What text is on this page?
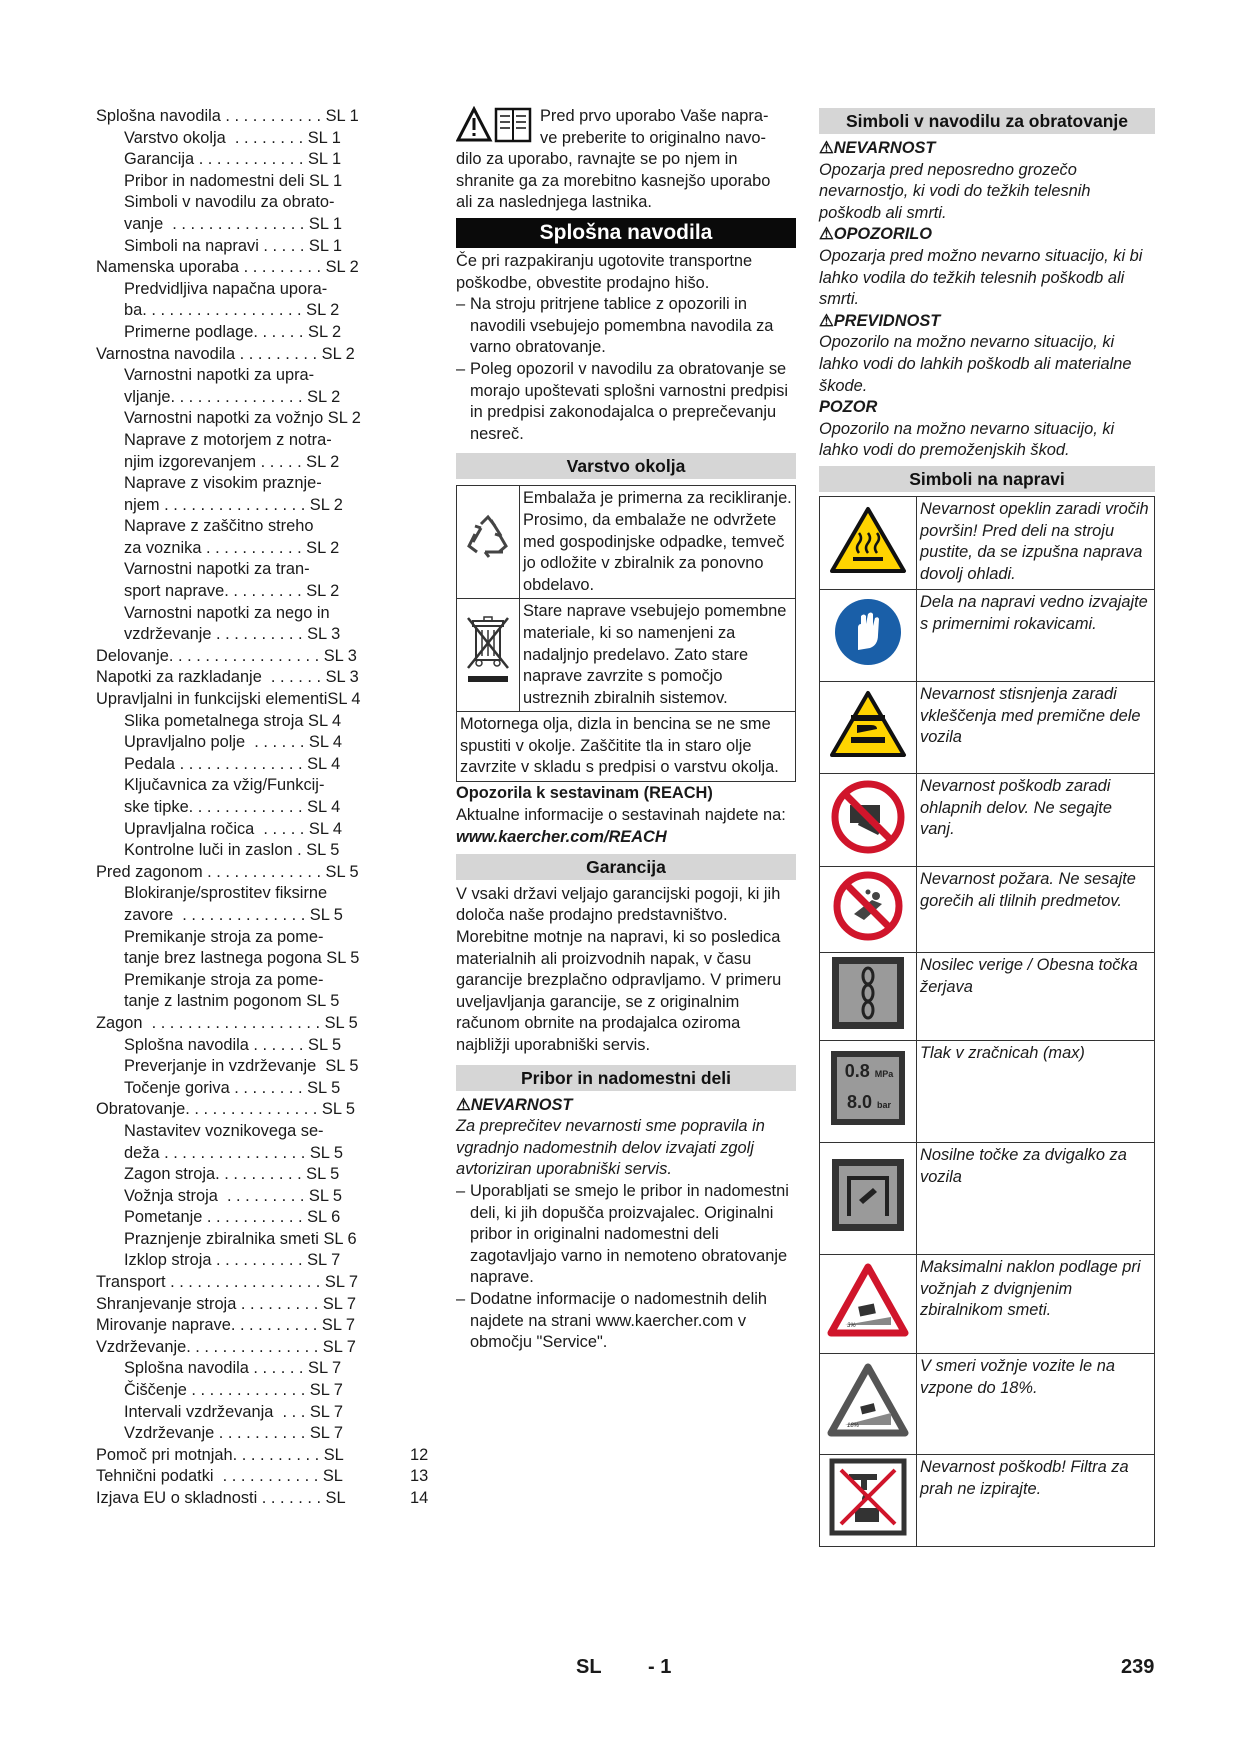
Splošna navodila . . . . . . . . . . . SL 1
Varstvo okolja  . . . . . . . . SL 1
Garancija . . . . . . . . . . . . SL 1
Pribor in nadomestni deli SL 1
Simboli v navodilu za obrato-
vanje  . . . . . . . . . . . . . . . SL 1
Simboli na napravi . . . . . SL 1
Namenska uporaba . . . . . . . . . SL 2
Predvidljiva napačna upora-
ba. . . . . . . . . . . . . . . . . . SL 2
Primerne podlage. . . . . . SL 2
Varnostna navodila . . . . . . . . . SL 2
Varnostni napotki za upra-
vljanje. . . . . . . . . . . . . . . SL 2
Varnostni napotki za vožnjo SL 2
Naprave z motorjem z notra-
njim izgorevanjem . . . . . SL 2
Naprave z visokim praznje-
njem . . . . . . . . . . . . . . . . SL 2
Naprave z zaščitno streho
za voznika . . . . . . . . . . . SL 2
Varnostni napotki za tran-
sport naprave. . . . . . . . . SL 2
Varnostni napotki za nego in
vzdrževanje . . . . . . . . . . SL 3
Delovanje. . . . . . . . . . . . . . . . . SL 3
Napotki za razkladanje  . . . . . . SL 3
Upravljalni in funkcijski elementiSL 4
Slika pometalnega stroja SL 4
Upravljalno polje  . . . . . . SL 4
Pedala . . . . . . . . . . . . . . SL 4
Ključavnica za vžig/Funkcij-
ske tipke. . . . . . . . . . . . . SL 4
Upravljalna ročica  . . . . . SL 4
Kontrolne luči in zaslon . SL 5
Pred zagonom . . . . . . . . . . . . . SL 5
Blokiranje/sprostitev fiksirne
zavore  . . . . . . . . . . . . . . SL 5
Premikanje stroja za pome-
tanje brez lastnega pogona SL 5
Premikanje stroja za pome-
tanje z lastnim pogonom SL 5
Zagon  . . . . . . . . . . . . . . . . . . . SL 5
Splošna navodila . . . . . . SL 5
Preverjanje in vzdrževanje  SL 5
Točenje goriva . . . . . . . . SL 5
Obratovanje. . . . . . . . . . . . . . . SL 5
Nastavitev voznikovega se-
deža . . . . . . . . . . . . . . . . SL 5
Zagon stroja. . . . . . . . . . SL 5
Vožnja stroja  . . . . . . . . . SL 5
Pometanje . . . . . . . . . . . SL 6
Praznjenje zbiralnika smeti SL 6
Izklop stroja . . . . . . . . . . SL 7
Transport . . . . . . . . . . . . . . . . . SL 7
Shranjevanje stroja . . . . . . . . . SL 7
Mirovanje naprave. . . . . . . . . . SL 7
Vzdrževanje. . . . . . . . . . . . . . . SL 7
Splošna navodila . . . . . . SL 7
Čiščenje . . . . . . . . . . . . . SL 7
Intervali vzdrževanja  . . . SL 7
Vzdrževanje . . . . . . . . . . SL 7
Pomoč pri motnjah. . . . . . . . . . SL	12
Tehnični podatki  . . . . . . . . . . . SL	13
Izjava EU o skladnosti . . . . . . . SL	14
Pred prvo uporabo Vaše napra-
ve preberite to originalno navo-
dilo za uporabo, ravnajte se po njem in
shranite ga za morebitno kasnejšo uporabo
ali za naslednjega lastnika.
Splošna navodila

Če pri razpakiranju ugotovite transportne poškodbe, obvestite prodajno hišo.

– Na stroju pritrjene tablice z opozorili in navodili vsebujejo pomembna navodila za varno obratovanje.
– Poleg opozoril v navodilu za obratovanje se morajo upoštevati splošni varnostni predpisi in predpisi zakonodajalca o preprečevanju nesreč.
Varstvo okolja
	Embalaža je primerna za recikliranje. Prosimo, da embalaže ne odvržete med gospodinjske odpadke, temveč jo odložite v zbiralnik za ponovno obdelavo.
	Stare naprave vsebujejo pomembne materiale, ki so namenjeni za nadaljnjo predelavo. Zato stare naprave zavrzite s pomočjo ustreznih zbiralnih sistemov.
Motornega olja, dizla in bencina se ne sme spustiti v okolje. Zaščitite tla in staro olje zavrzite v skladu s predpisi o varstvu okolja.	
Opozorila k sestavinam (REACH)

Aktualne informacije o sestavinah najdete na:

www.kaercher.com/REACH
Garancija

V vsaki državi veljajo garancijski pogoji, ki jih določa naše prodajno predstavništvo. Morebitne motnje na napravi, ki so posledica materialnih ali proizvodnih napak, v času garancije brezplačno odpravljamo. V primeru uveljavljanja garancije, se z originalnim računom obrnite na prodajalca oziroma najbližji uporabniški servis.

Pribor in nadomestni deli
⚠NEVARNOST

Za preprečitev nevarnosti sme popravila in vgradnjo nadomestnih delov izvajati zgolj avtoriziran uporabniški servis.

– Uporabljati se smejo le pribor in nadomestni deli, ki jih dopušča proizvajalec. Originalni pribor in originalni nadomestni deli zagotavljajo varno in nemoteno obratovanje naprave.
– Dodatne informacije o nadomestnih delih najdete na strani www.kaercher.com v območju "Service".
Simboli v navodilu za obratovanje
⚠NEVARNOST

Opozarja pred neposredno grozečo nevarnostjo, ki vodi do težkih telesnih poškodb ali smrti.

⚠OPOZORILO

Opozarja pred možno nevarno situacijo, ki bi lahko vodila do težkih telesnih poškodb ali smrti.

⚠PREVIDNOST

Opozorilo na možno nevarno situacijo, ki lahko vodi do lahkih poškodb ali materialne škode.

POZOR

Opozorilo na možno nevarno situacijo, ki lahko vodi do premoženjskih škod.

Simboli na napravi
	Nevarnost opeklin zaradi vročih površin! Pred deli na stroju pustite, da se izpušna naprava dovolj ohladi.
	Dela na napravi vedno izvajajte s primernimi rokavicami.
	Nevarnost stisnjenja zaradi vkleščenja med premične dele vozila
	Nevarnost poškodb zaradi ohlapnih delov. Ne segajte vanj.
	Nevarnost požara. Ne sesajte gorečih ali tlilnih predmetov.
	Nosilec verige / Obesna točka žerjava

0.8 MPa
8.0 bar	Tlak v zračnicah (max)
	Nosilne točke za dvigalko za vozila

3%	Maksimalni naklon podlage pri vožnjah z dvignjenim zbiralnikom smeti.

18%	V smeri vožnje vozite le na vzpone do 18%.
	Nevarnost poškodb! Filtra za prah ne izpirajte.
SL - 1	239
